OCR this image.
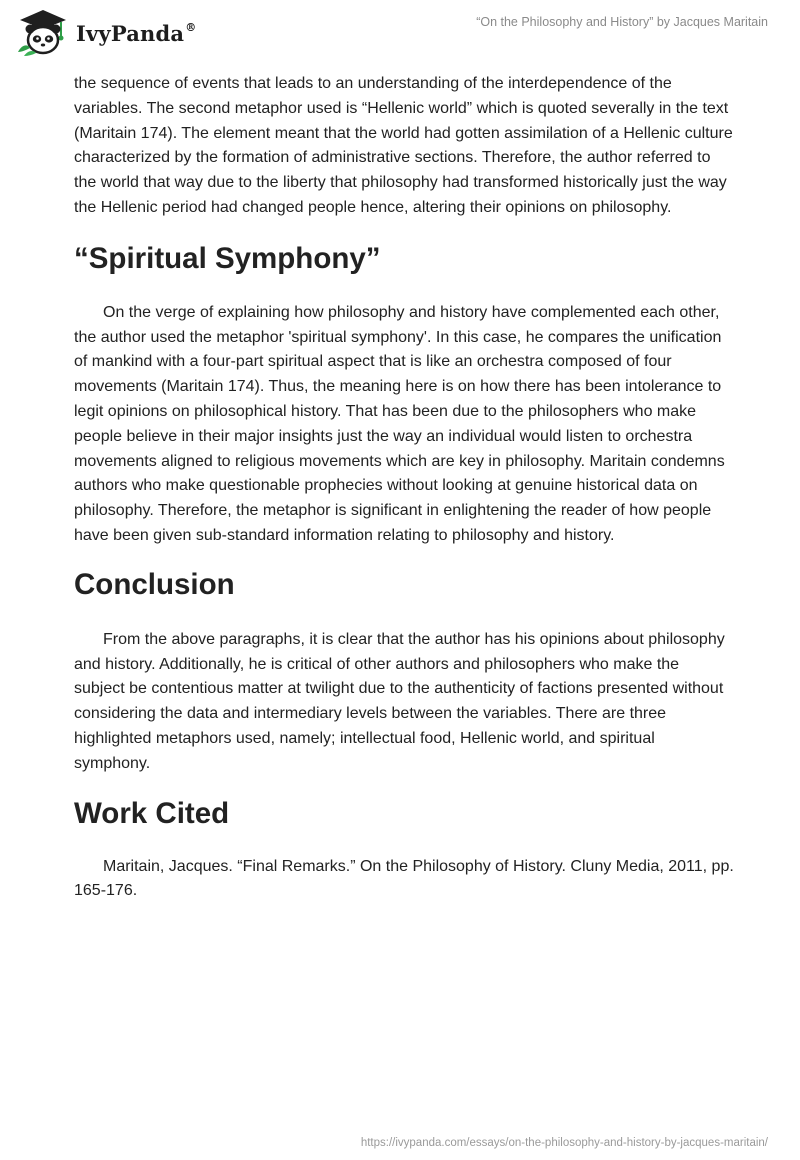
IvyPanda®	“On the Philosophy and History” by Jacques Maritain

the sequence of events that leads to an understanding of the interdependence of the variables. The second metaphor used is “Hellenic world” which is quoted severally in the text (Maritain 174). The element meant that the world had gotten assimilation of a Hellenic culture characterized by the formation of administrative sections. Therefore, the author referred to the world that way due to the liberty that philosophy had transformed historically just the way the Hellenic period had changed people hence, altering their opinions on philosophy.

“Spiritual Symphony”

On the verge of explaining how philosophy and history have complemented each other, the author used the metaphor 'spiritual symphony'. In this case, he compares the unification of mankind with a four-part spiritual aspect that is like an orchestra composed of four movements (Maritain 174). Thus, the meaning here is on how there has been intolerance to legit opinions on philosophical history. That has been due to the philosophers who make people believe in their major insights just the way an individual would listen to orchestra movements aligned to religious movements which are key in philosophy. Maritain condemns authors who make questionable prophecies without looking at genuine historical data on philosophy. Therefore, the metaphor is significant in enlightening the reader of how people have been given sub-standard information relating to philosophy and history.

Conclusion

From the above paragraphs, it is clear that the author has his opinions about philosophy and history. Additionally, he is critical of other authors and philosophers who make the subject be contentious matter at twilight due to the authenticity of factions presented without considering the data and intermediary levels between the variables. There are three highlighted metaphors used, namely; intellectual food, Hellenic world, and spiritual symphony.

Work Cited

Maritain, Jacques. “Final Remarks.” On the Philosophy of History. Cluny Media, 2011, pp. 165-176.

https://ivypanda.com/essays/on-the-philosophy-and-history-by-jacques-maritain/
